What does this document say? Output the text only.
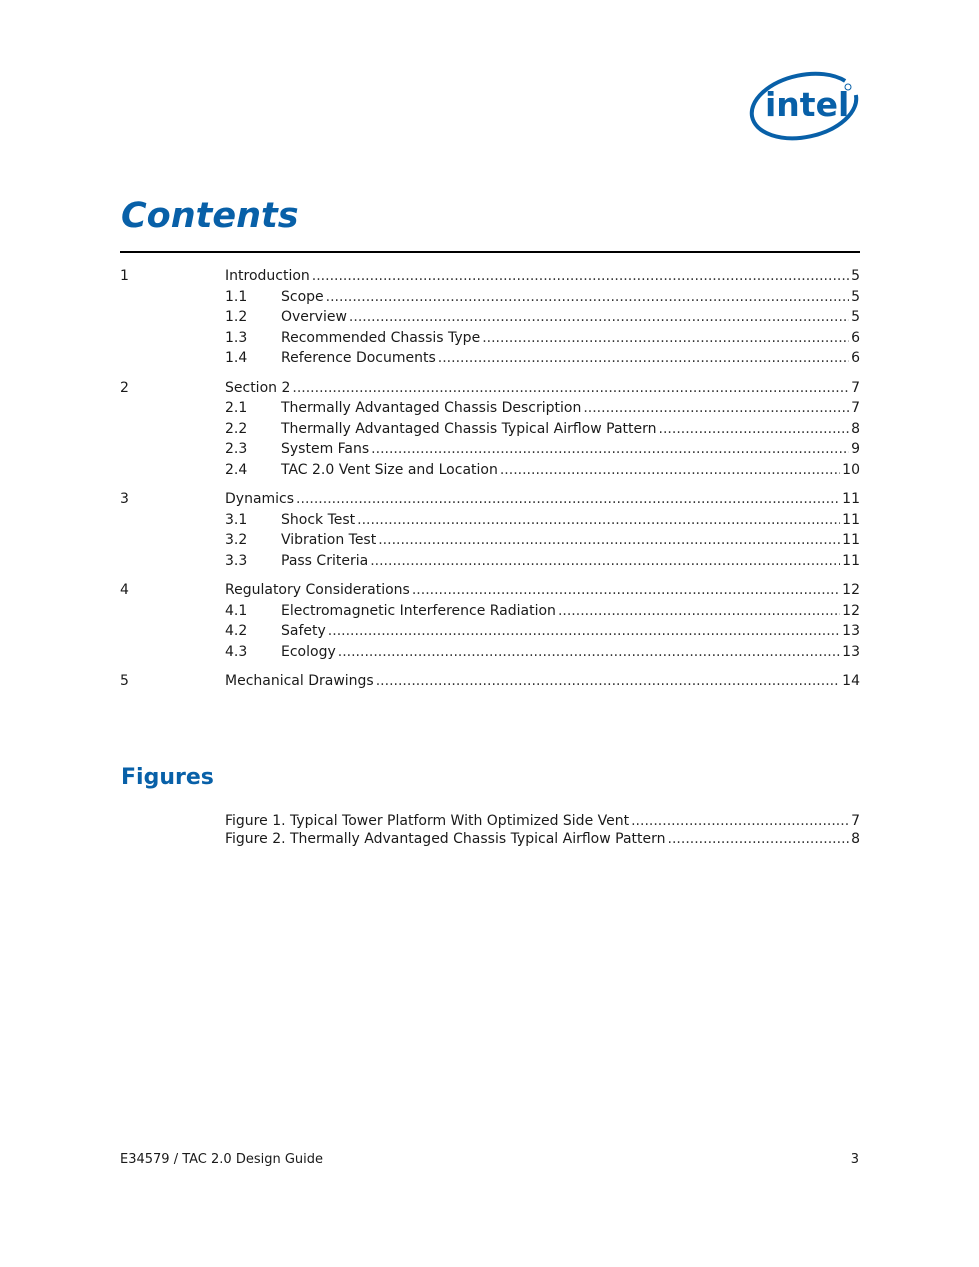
intel
Contents
1	Introduction .....	5
1.1	Scope .....	5
1.2	Overview .....	5
1.3	Recommended Chassis Type .....	6
1.4	Reference Documents .....	6
2	Section 2 .....	7
2.1	Thermally Advantaged Chassis Description .....	7
2.2	Thermally Advantaged Chassis Typical Airflow Pattern .....	8
2.3	System Fans .....	9
2.4	TAC 2.0 Vent Size and Location .....	10
3	Dynamics .....	11
3.1	Shock Test .....	11
3.2	Vibration Test .....	11
3.3	Pass Criteria .....	11
4	Regulatory Considerations .....	12
4.1	Electromagnetic Interference Radiation .....	12
4.2	Safety .....	13
4.3	Ecology .....	13
5	Mechanical Drawings .....	14
Figures
Figure 1. Typical Tower Platform With Optimized Side Vent .....	7
Figure 2. Thermally Advantaged Chassis Typical Airflow Pattern .....	8
E34579 / TAC 2.0 Design Guide	3
